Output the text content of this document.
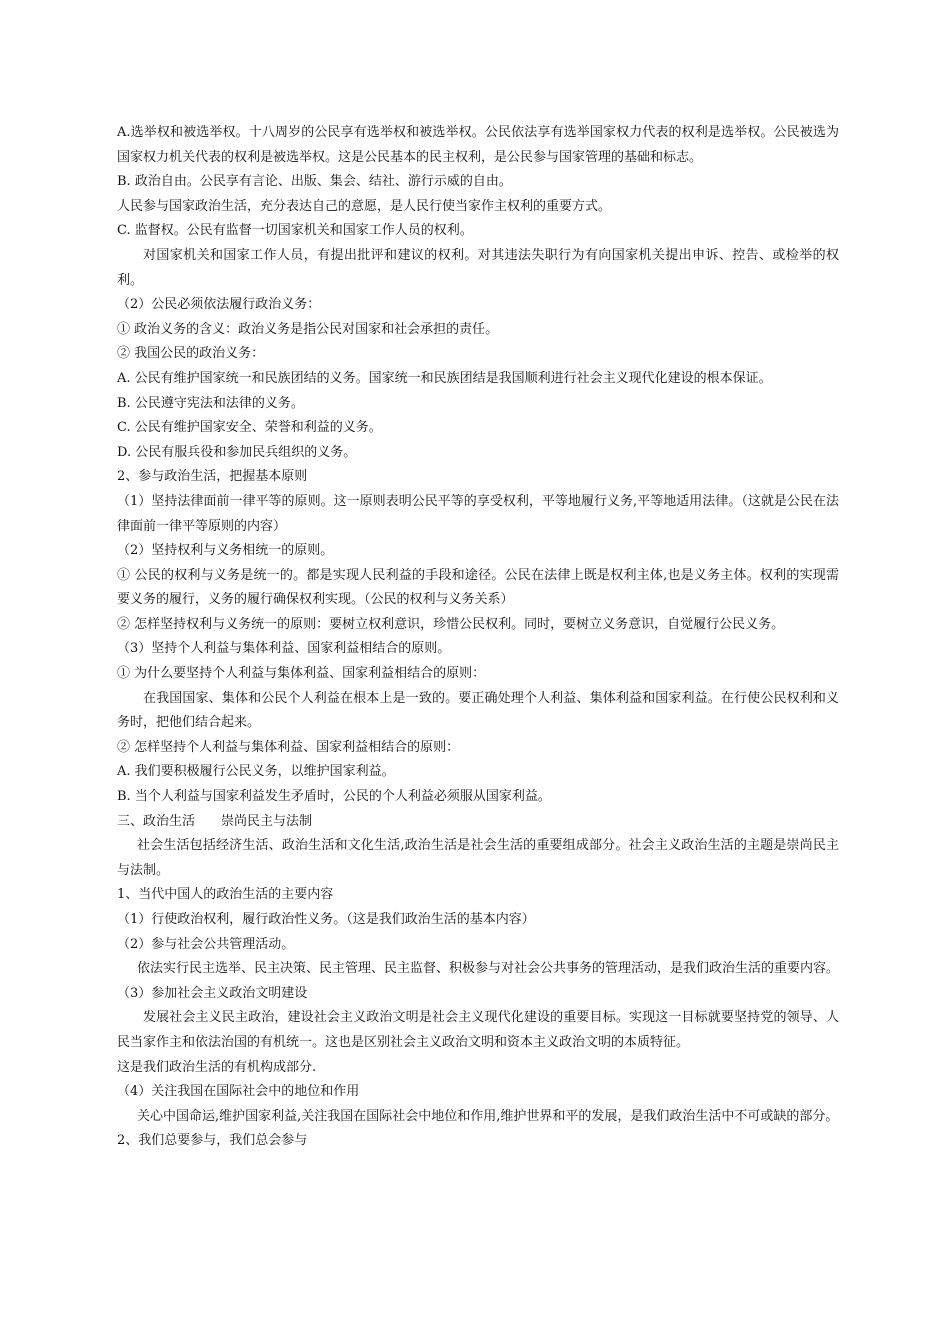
A.选举权和被选举权。十八周岁的公民享有选举权和被选举权。公民依法享有选举国家权力代表的权利是选举权。公民被选为国家权力机关代表的权利是被选举权。这是公民基本的民主权利，是公民参与国家管理的基础和标志。

B. 政治自由。公民享有言论、出版、集会、结社、游行示威的自由。

人民参与国家政治生活，充分表达自己的意愿，是人民行使当家作主权利的重要方式。

C. 监督权。公民有监督一切国家机关和国家工作人员的权利。

对国家机关和国家工作人员，有提出批评和建议的权利。对其违法失职行为有向国家机关提出申诉、控告、或检举的权利。

（2）公民必须依法履行政治义务：

① 政治义务的含义：政治义务是指公民对国家和社会承担的责任。

② 我国公民的政治义务：

A. 公民有维护国家统一和民族团结的义务。国家统一和民族团结是我国顺利进行社会主义现代化建设的根本保证。

B. 公民遵守宪法和法律的义务。

C. 公民有维护国家安全、荣誉和利益的义务。

D. 公民有服兵役和参加民兵组织的义务。

2、参与政治生活，把握基本原则

（1）坚持法律面前一律平等的原则。这一原则表明公民平等的享受权利，平等地履行义务,平等地适用法律。（这就是公民在法律面前一律平等原则的内容）

（2）坚持权利与义务相统一的原则。

① 公民的权利与义务是统一的。都是实现人民利益的手段和途径。公民在法律上既是权利主体,也是义务主体。权利的实现需要义务的履行，义务的履行确保权利实现。（公民的权利与义务关系）

② 怎样坚持权利与义务统一的原则：要树立权利意识，珍惜公民权利。同时，要树立义务意识，自觉履行公民义务。

（3）坚持个人利益与集体利益、国家利益相结合的原则。

① 为什么要坚持个人利益与集体利益、国家利益相结合的原则：

在我国国家、集体和公民个人利益在根本上是一致的。要正确处理个人利益、集体利益和国家利益。在行使公民权利和义务时，把他们结合起来。

② 怎样坚持个人利益与集体利益、国家利益相结合的原则：

A. 我们要积极履行公民义务，以维护国家利益。

B. 当个人利益与国家利益发生矛盾时，公民的个人利益必须服从国家利益。

三、政治生活　　崇尚民主与法制

社会生活包括经济生活、政治生活和文化生活,政治生活是社会生活的重要组成部分。社会主义政治生活的主题是崇尚民主与法制。

1、当代中国人的政治生活的主要内容

（1）行使政治权利，履行政治性义务。（这是我们政治生活的基本内容）

（2）参与社会公共管理活动。

依法实行民主选举、民主决策、民主管理、民主监督、积极参与对社会公共事务的管理活动，是我们政治生活的重要内容。

（3）参加社会主义政治文明建设

发展社会主义民主政治，建设社会主义政治文明是社会主义现代化建设的重要目标。实现这一目标就要坚持党的领导、人民当家作主和依法治国的有机统一。这也是区别社会主义政治文明和资本主义政治文明的本质特征。

这是我们政治生活的有机构成部分.

（4）关注我国在国际社会中的地位和作用

关心中国命运,维护国家利益,关注我国在国际社会中地位和作用,维护世界和平的发展，是我们政治生活中不可或缺的部分。

2、我们总要参与，我们总会参与
